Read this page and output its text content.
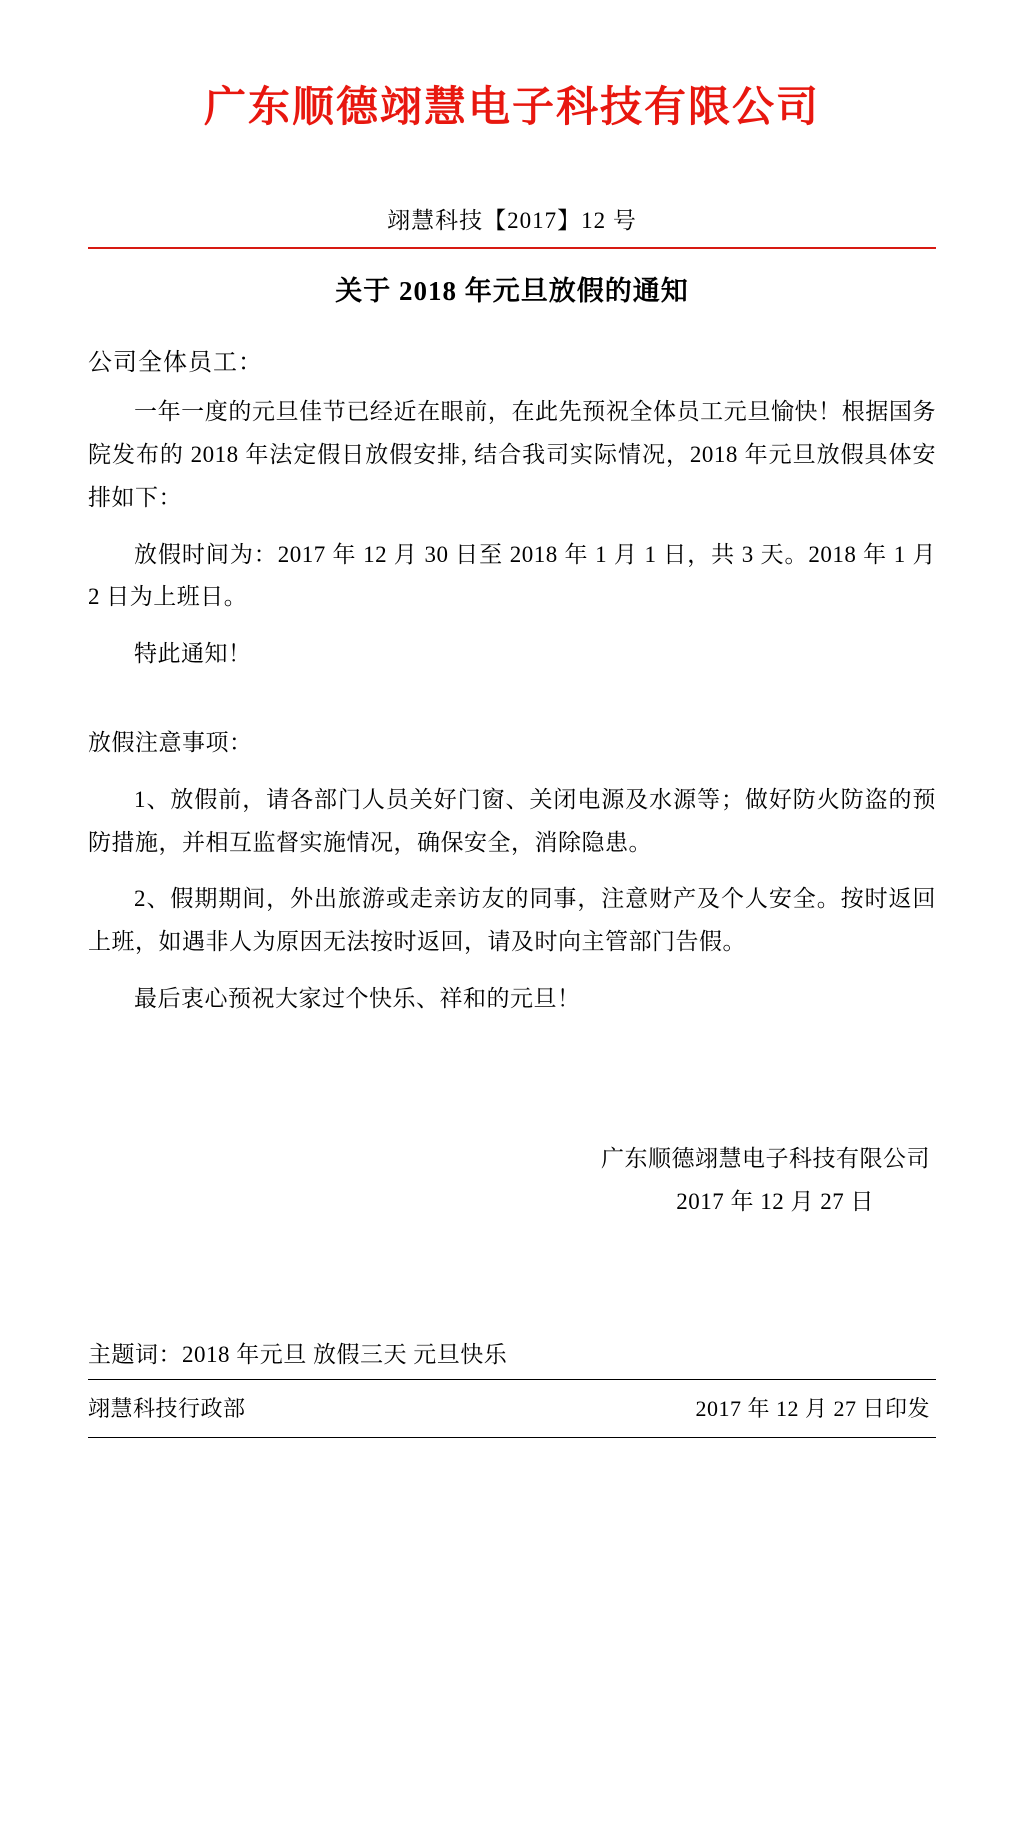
广东顺德翊慧电子科技有限公司
翊慧科技【2017】12 号
关于 2018 年元旦放假的通知
公司全体员工：

一年一度的元旦佳节已经近在眼前，在此先预祝全体员工元旦愉快！根据国务院发布的 2018 年法定假日放假安排, 结合我司实际情况，2018 年元旦放假具体安排如下：

放假时间为：2017 年 12 月 30 日至 2018 年 1 月 1 日，共 3 天。2018 年 1 月 2 日为上班日。

特此通知！

放假注意事项：

1、放假前，请各部门人员关好门窗、关闭电源及水源等；做好防火防盗的预防措施，并相互监督实施情况，确保安全，消除隐患。

2、假期期间，外出旅游或走亲访友的同事，注意财产及个人安全。按时返回上班，如遇非人为原因无法按时返回，请及时向主管部门告假。

最后衷心预祝大家过个快乐、祥和的元旦！

广东顺德翊慧电子科技有限公司
2017 年 12 月 27 日
主题词：2018 年元旦 放假三天 元旦快乐
翊慧科技行政部	2017 年 12 月 27 日印发
